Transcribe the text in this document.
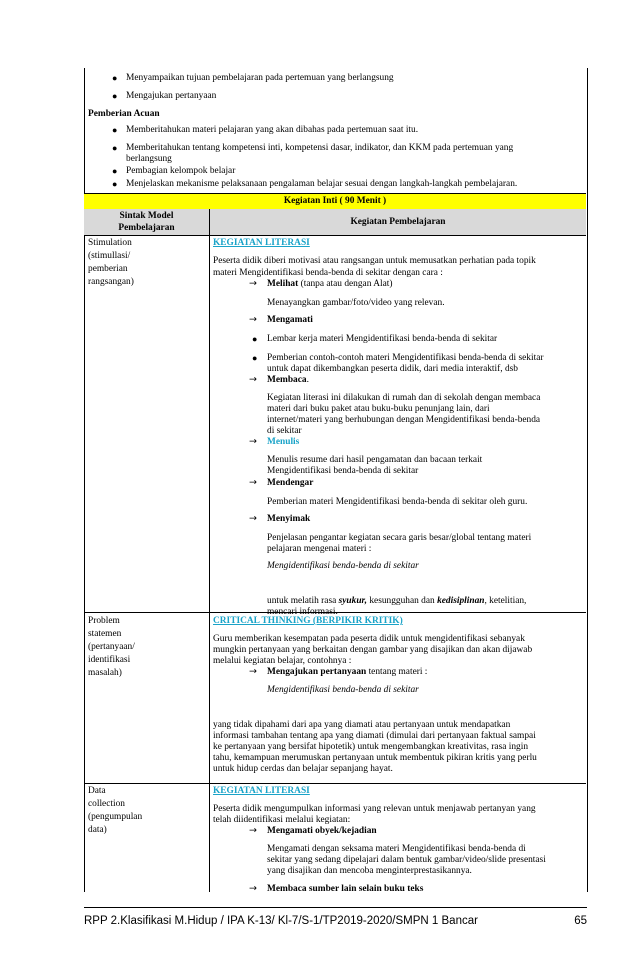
● Menyampaikan tujuan pembelajaran pada pertemuan yang berlangsung
● Mengajukan pertanyaan
Pemberian Acuan
● Memberitahukan materi pelajaran yang akan dibahas pada pertemuan saat itu.
● Memberitahukan tentang kompetensi inti, kompetensi dasar, indikator, dan KKM pada pertemuan yang
berlangsung
● Pembagian kelompok belajar
● Menjelaskan mekanisme pelaksanaan pengalaman belajar sesuai dengan langkah-langkah pembelajaran.
Kegiatan Inti ( 90 Menit )
Sintak Model
Pembelajaran
Kegiatan Pembelajaran
Stimulation
(stimullasi/
pemberian
rangsangan)
KEGIATAN LITERASI
Peserta didik diberi motivasi atau rangsangan untuk memusatkan perhatian pada topik
materi Mengidentifikasi benda-benda di sekitar dengan cara :
→ Melihat (tanpa atau dengan Alat)
Menayangkan gambar/foto/video yang relevan.
→ Mengamati
● Lembar kerja materi Mengidentifikasi benda-benda di sekitar
● Pemberian contoh-contoh materi Mengidentifikasi benda-benda di sekitar
untuk dapat dikembangkan peserta didik, dari media interaktif, dsb
→ Membaca.
Kegiatan literasi ini dilakukan di rumah dan di sekolah dengan membaca
materi dari buku paket atau buku-buku penunjang lain, dari
internet/materi yang berhubungan dengan Mengidentifikasi benda-benda
di sekitar
→ Menulis
Menulis resume dari hasil pengamatan dan bacaan terkait
Mengidentifikasi benda-benda di sekitar
→ Mendengar
Pemberian materi Mengidentifikasi benda-benda di sekitar oleh guru.
→ Menyimak
Penjelasan pengantar kegiatan secara garis besar/global tentang materi
pelajaran mengenai materi :
Mengidentifikasi benda-benda di sekitar
untuk melatih rasa syukur, kesungguhan dan kedisiplinan, ketelitian,
mencari informasi.
Problem
statemen
(pertanyaan/
identifikasi
masalah)
CRITICAL THINKING (BERPIKIR KRITIK)
Guru memberikan kesempatan pada peserta didik untuk mengidentifikasi sebanyak
mungkin pertanyaan yang berkaitan dengan gambar yang disajikan dan akan dijawab
melalui kegiatan belajar, contohnya :
→ Mengajukan pertanyaan tentang materi :
Mengidentifikasi benda-benda di sekitar
yang tidak dipahami dari apa yang diamati atau pertanyaan untuk mendapatkan
informasi tambahan tentang apa yang diamati (dimulai dari pertanyaan faktual sampai
ke pertanyaan yang bersifat hipotetik) untuk mengembangkan kreativitas, rasa ingin
tahu, kemampuan merumuskan pertanyaan untuk membentuk pikiran kritis yang perlu
untuk hidup cerdas dan belajar sepanjang hayat.
Data
collection
(pengumpulan
data)
KEGIATAN LITERASI
Peserta didik mengumpulkan informasi yang relevan untuk menjawab pertanyan yang
telah diidentifikasi melalui kegiatan:
→ Mengamati obyek/kejadian
Mengamati dengan seksama materi Mengidentifikasi benda-benda di
sekitar yang sedang dipelajari dalam bentuk gambar/video/slide presentasi
yang disajikan dan mencoba menginterprestasikannya.
→ Membaca sumber lain selain buku teks
RPP 2.Klasifikasi M.Hidup / IPA K-13/ Kl-7/S-1/TP2019-2020/SMPN 1 Bancar	65
